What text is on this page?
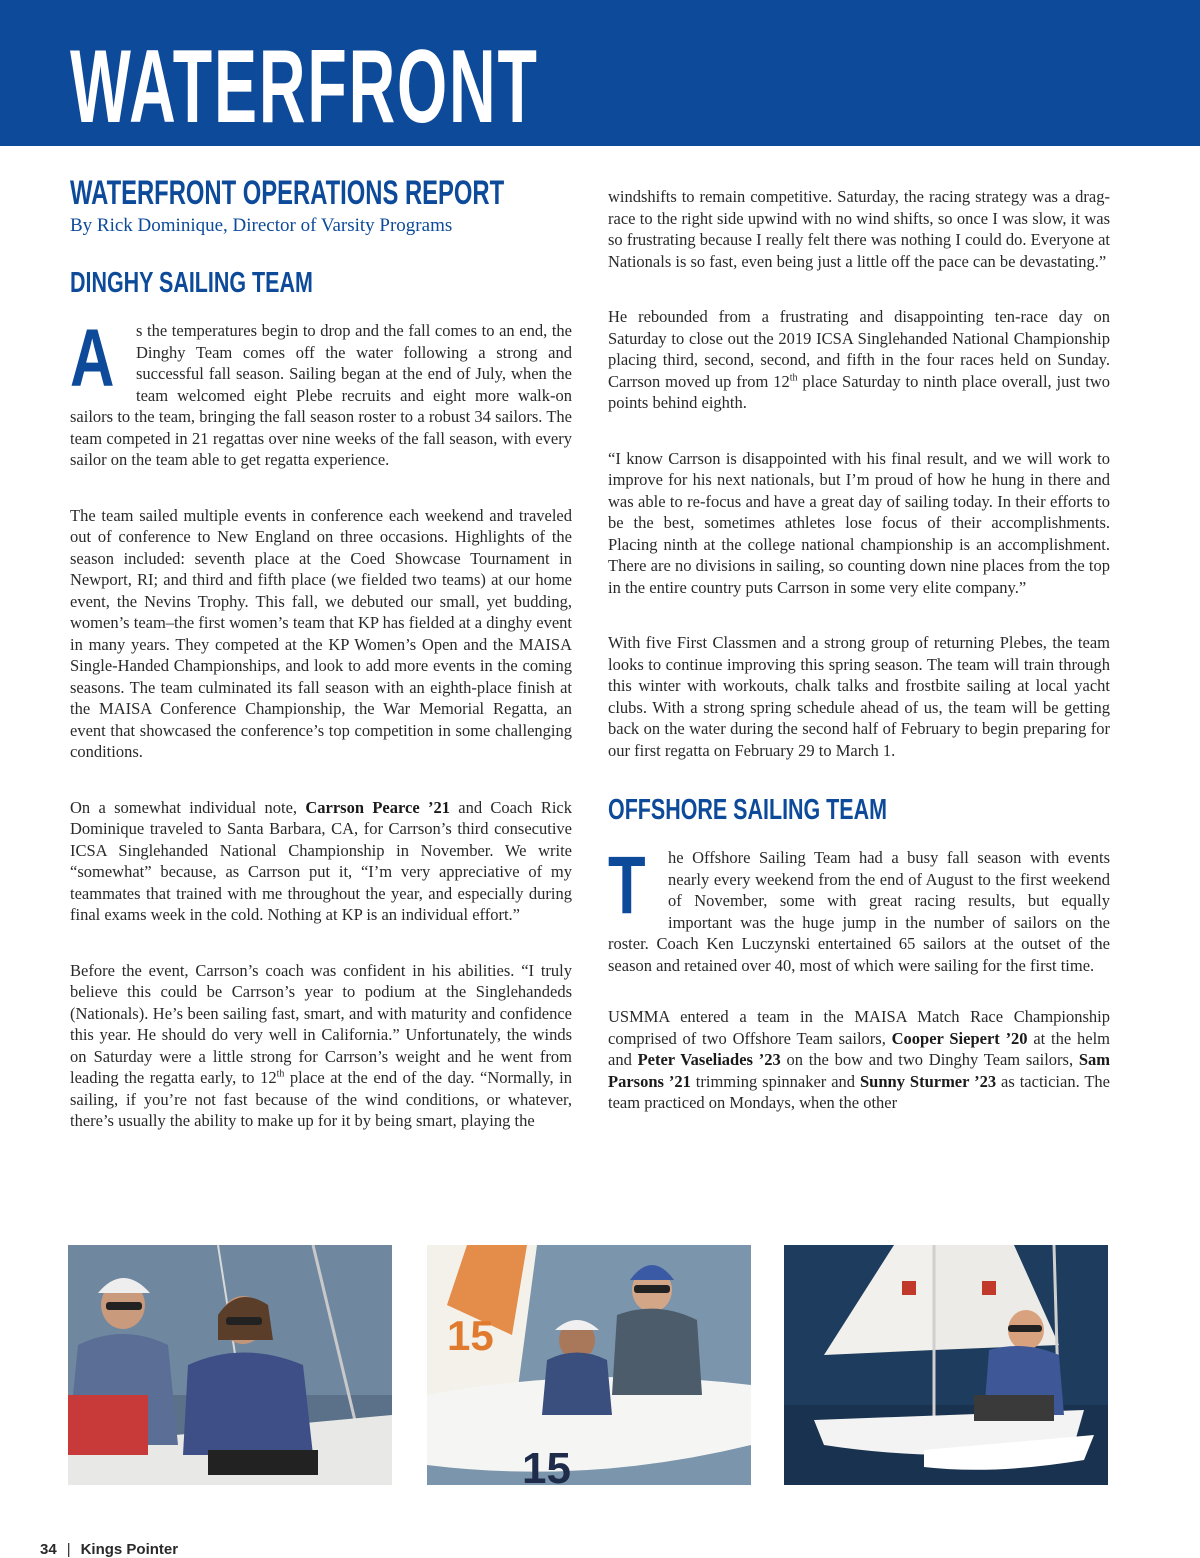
WATERFRONT
WATERFRONT OPERATIONS REPORT
By Rick Dominique, Director of Varsity Programs
DINGHY SAILING TEAM

A s the temperatures begin to drop and the fall comes to an end, the Dinghy Team comes off the water following a strong and successful fall season. Sailing began at the end of July, when the team welcomed eight Plebe recruits and eight more walk-on sailors to the team, bringing the fall season roster to a robust 34 sailors. The team competed in 21 regattas over nine weeks of the fall season, with every sailor on the team able to get regatta experience.

The team sailed multiple events in conference each weekend and traveled out of conference to New England on three occasions. Highlights of the season included: seventh place at the Coed Showcase Tournament in Newport, RI; and third and fifth place (we fielded two teams) at our home event, the Nevins Trophy. This fall, we debuted our small, yet budding, women’s team–the first women’s team that KP has fielded at a dinghy event in many years. They competed at the KP Women’s Open and the MAISA Single-Handed Championships, and look to add more events in the coming seasons. The team culminated its fall season with an eighth-place finish at the MAISA Conference Championship, the War Memorial Regatta, an event that showcased the conference’s top competition in some challenging conditions.

On a somewhat individual note, Carrson Pearce ’21 and Coach Rick Dominique traveled to Santa Barbara, CA, for Carrson’s third consecutive ICSA Singlehanded National Championship in November. We write “somewhat” because, as Carrson put it, “I’m very appreciative of my teammates that trained with me throughout the year, and especially during final exams week in the cold. Nothing at KP is an individual effort.”

Before the event, Carrson’s coach was confident in his abilities. “I truly believe this could be Carrson’s year to podium at the Singlehandeds (Nationals). He’s been sailing fast, smart, and with maturity and confidence this year. He should do very well in California.” Unfortunately, the winds on Saturday were a little strong for Carrson’s weight and he went from leading the regatta early, to 12th place at the end of the day. “Normally, in sailing, if you’re not fast because of the wind conditions, or whatever, there’s usually the ability to make up for it by being smart, playing the

windshifts to remain competitive. Saturday, the racing strategy was a drag-race to the right side upwind with no wind shifts, so once I was slow, it was so frustrating because I really felt there was nothing I could do. Everyone at Nationals is so fast, even being just a little off the pace can be devastating.”

He rebounded from a frustrating and disappointing ten-race day on Saturday to close out the 2019 ICSA Singlehanded National Championship placing third, second, second, and fifth in the four races held on Sunday. Carrson moved up from 12th place Saturday to ninth place overall, just two points behind eighth.

“I know Carrson is disappointed with his final result, and we will work to improve for his next nationals, but I’m proud of how he hung in there and was able to re-focus and have a great day of sailing today. In their efforts to be the best, sometimes athletes lose focus of their accomplishments. Placing ninth at the college national championship is an accomplishment. There are no divisions in sailing, so counting down nine places from the top in the entire country puts Carrson in some very elite company.”

With five First Classmen and a strong group of returning Plebes, the team looks to continue improving this spring season. The team will train through this winter with workouts, chalk talks and frostbite sailing at local yacht clubs. With a strong spring schedule ahead of us, the team will be getting back on the water during the second half of February to begin preparing for our first regatta on February 29 to March 1.

OFFSHORE SAILING TEAM

T he Offshore Sailing Team had a busy fall season with events nearly every weekend from the end of August to the first weekend of November, some with great racing results, but equally important was the huge jump in the number of sailors on the roster. Coach Ken Luczynski entertained 65 sailors at the outset of the season and retained over 40, most of which were sailing for the first time.

USMMA entered a team in the MAISA Match Race Championship comprised of two Offshore Team sailors, Cooper Siepert ’20 at the helm and Peter Vaseliades ’23 on the bow and two Dinghy Team sailors, Sam Parsons ’21 trimming spinnaker and Sunny Sturmer ’23 as tactician. The team practiced on Mondays, when the other

15
15
34 | Kings Pointer
